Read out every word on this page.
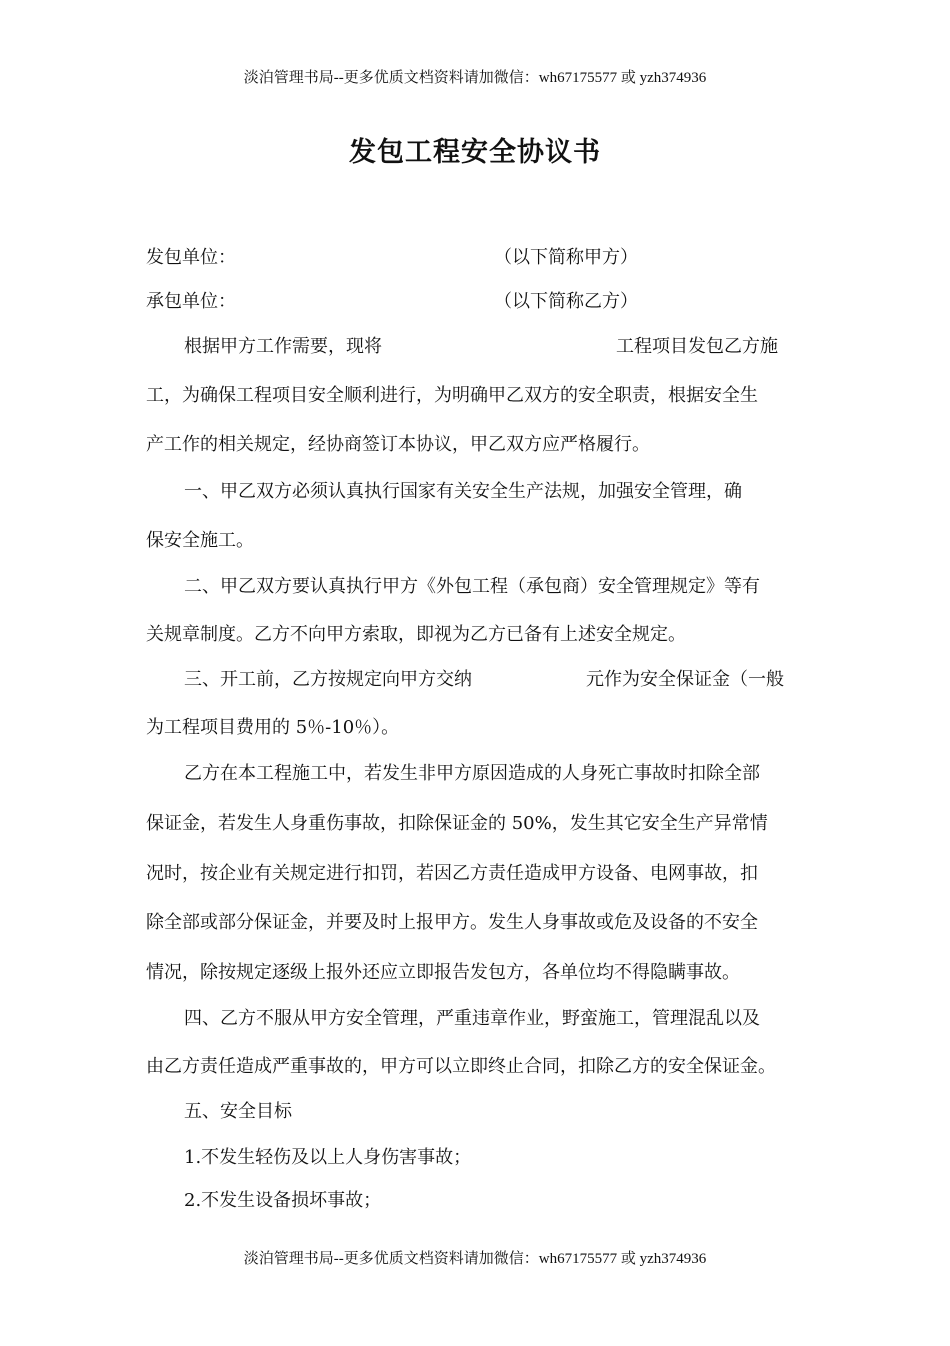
淡泊管理书局--更多优质文档资料请加微信：wh67175577 或 yzh374936
发包工程安全协议书
发包单位：	（以下简称甲方）
承包单位：	（以下简称乙方）
根据甲方工作需要，现将	工程项目发包乙方施
工，为确保工程项目安全顺利进行，为明确甲乙双方的安全职责，根据安全生
产工作的相关规定，经协商签订本协议，甲乙双方应严格履行。
一、甲乙双方必须认真执行国家有关安全生产法规，加强安全管理，确
保安全施工。
二、甲乙双方要认真执行甲方《外包工程（承包商）安全管理规定》等有
关规章制度。乙方不向甲方索取，即视为乙方已备有上述安全规定。
三、开工前，乙方按规定向甲方交纳	元作为安全保证金（一般
为工程项目费用的 5％-10％）。
乙方在本工程施工中，若发生非甲方原因造成的人身死亡事故时扣除全部
保证金，若发生人身重伤事故，扣除保证金的 50%，发生其它安全生产异常情
况时，按企业有关规定进行扣罚，若因乙方责任造成甲方设备、电网事故，扣
除全部或部分保证金，并要及时上报甲方。发生人身事故或危及设备的不安全
情况，除按规定逐级上报外还应立即报告发包方，各单位均不得隐瞒事故。
四、乙方不服从甲方安全管理，严重违章作业，野蛮施工，管理混乱以及
由乙方责任造成严重事故的，甲方可以立即终止合同，扣除乙方的安全保证金。
五、安全目标
1.不发生轻伤及以上人身伤害事故；
2.不发生设备损坏事故；
淡泊管理书局--更多优质文档资料请加微信：wh67175577 或 yzh374936
